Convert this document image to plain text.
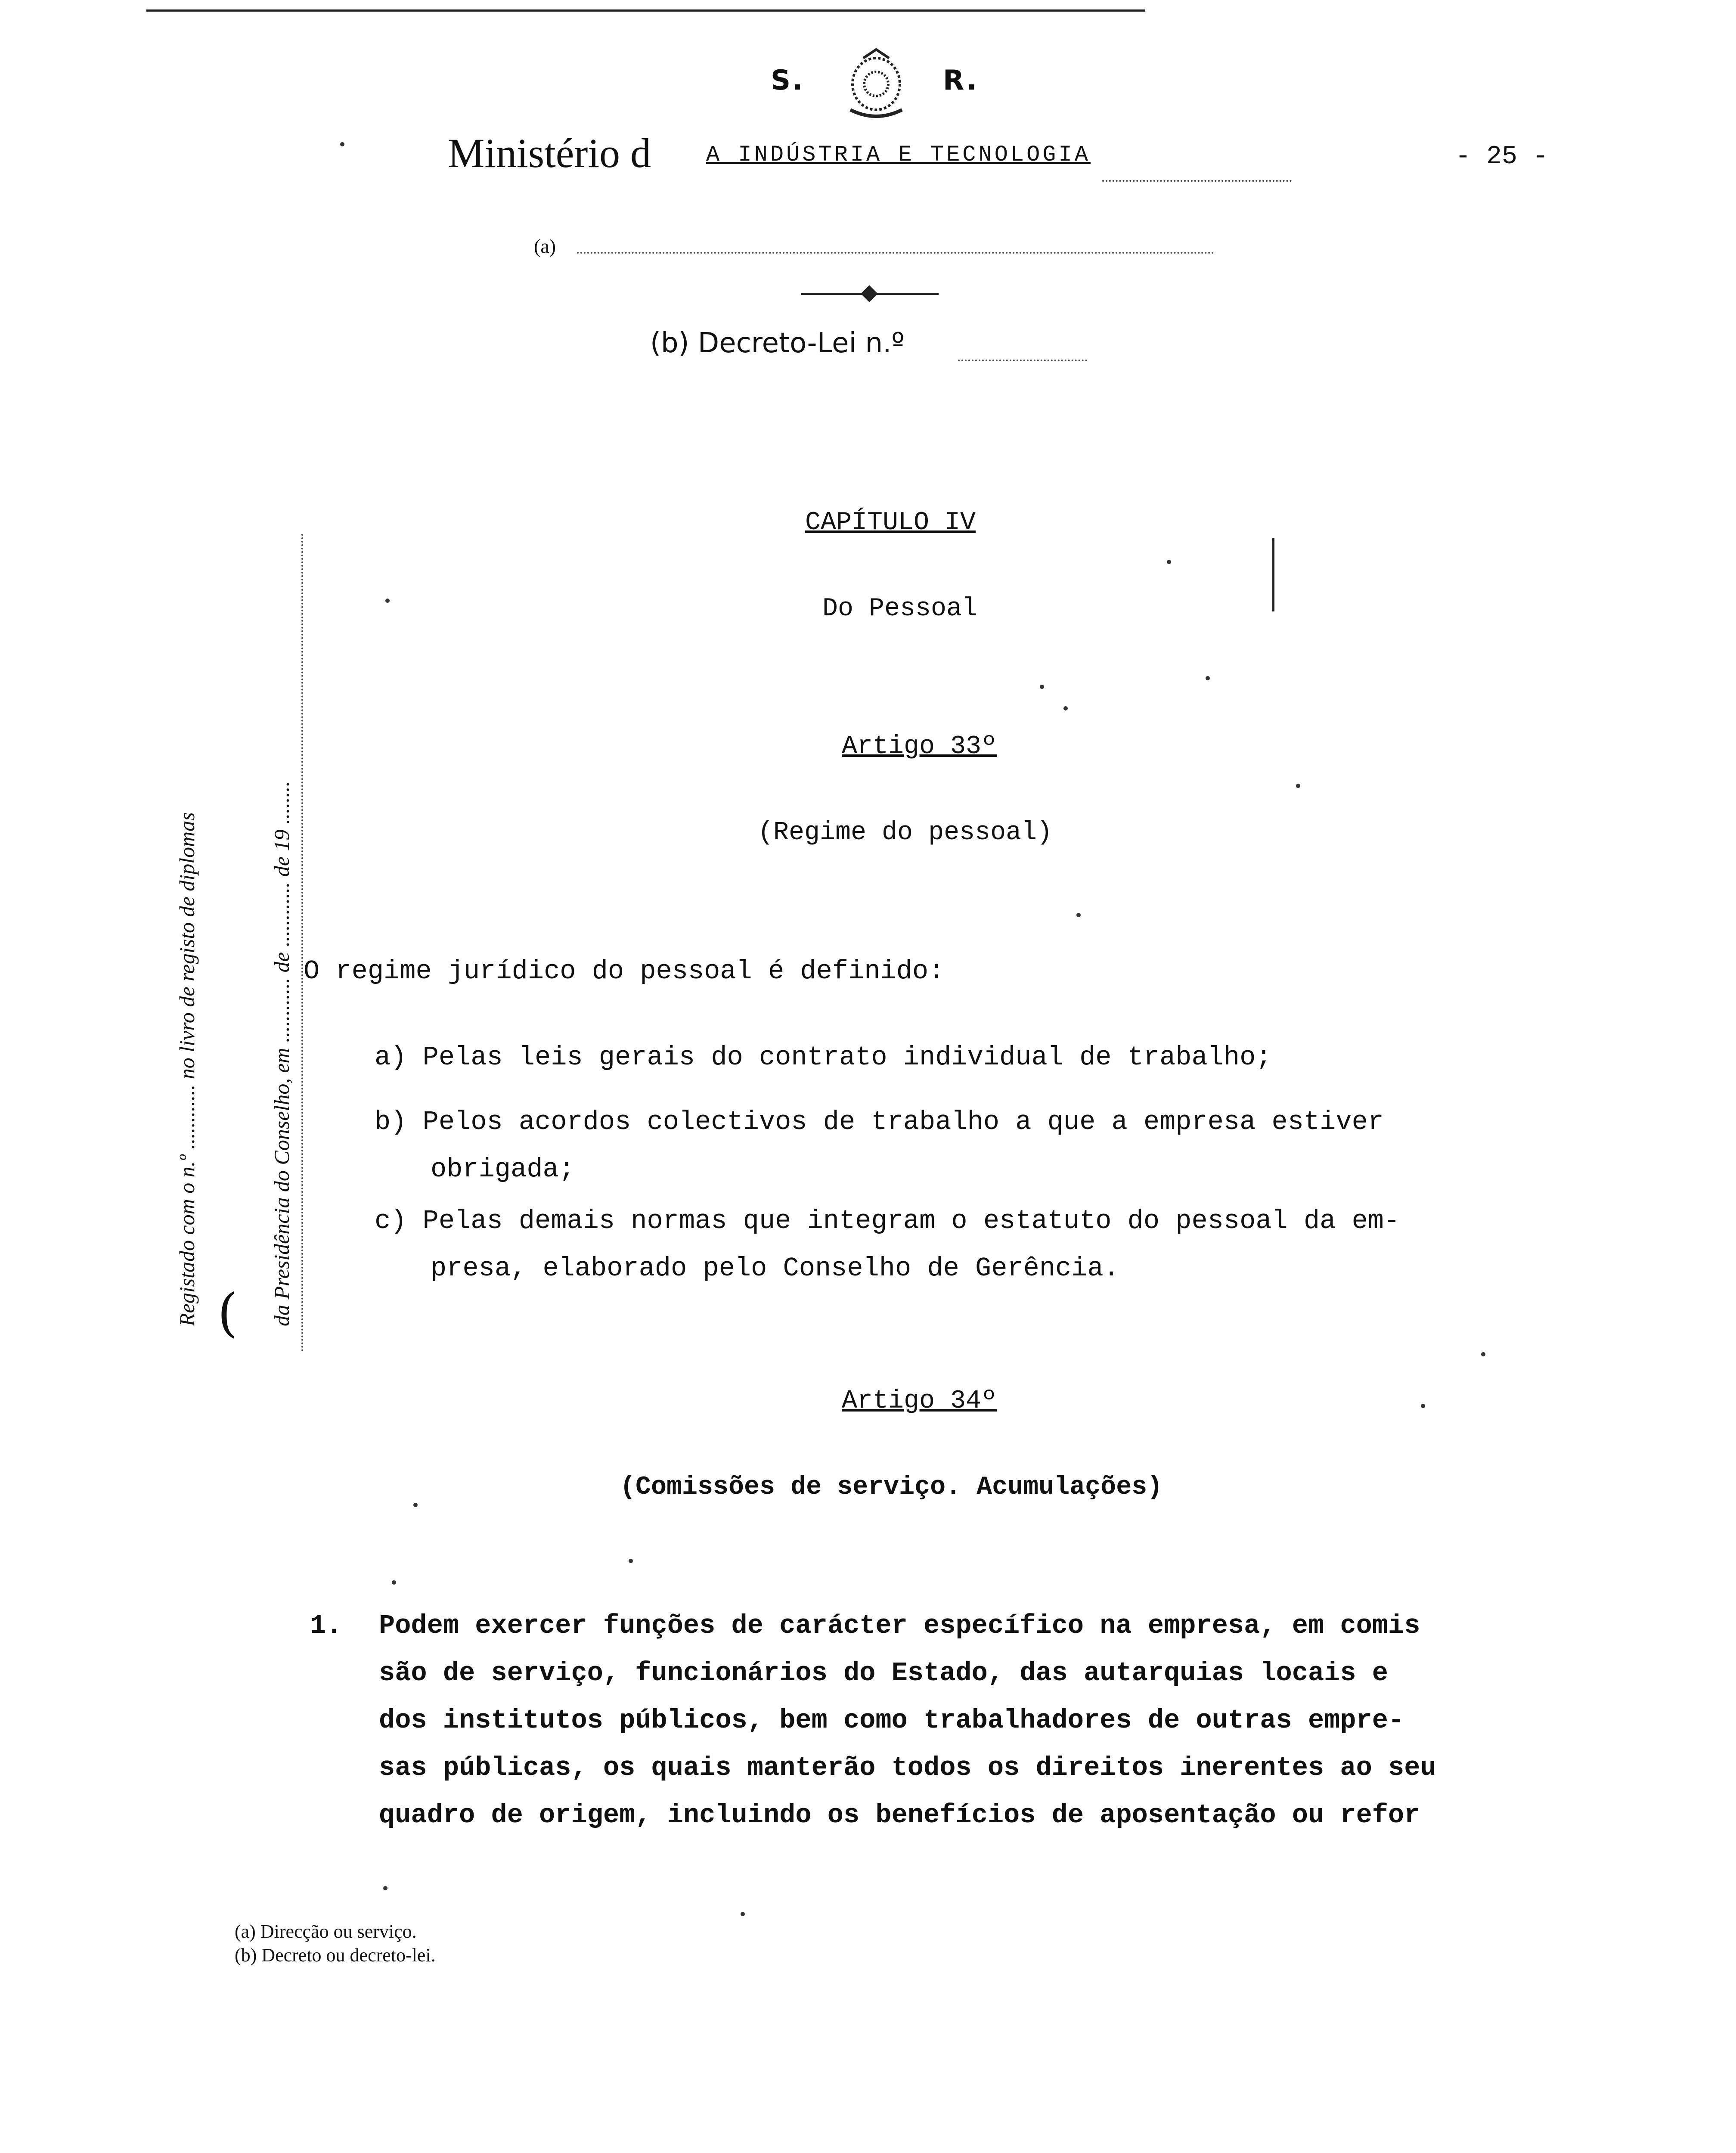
S.	R.
Ministério d A INDÚSTRIA E TECNOLOGIA	- 25 -
(a)
(b) Decreto-Lei n.º
Registado com o n.º ............ no livro de registo de diplomas	da Presidência do Conselho, em ............ de ............ de 19 ........
(
CAPÍTULO IV
Do Pessoal
Artigo 33º
(Regime do pessoal)
O regime jurídico do pessoal é definido:
a) Pelas leis gerais do contrato individual de trabalho;
b) Pelos acordos colectivos de trabalho a que a empresa estiver
obrigada;
c) Pelas demais normas que integram o estatuto do pessoal da em-
presa, elaborado pelo Conselho de Gerência.
Artigo 34º
(Comissões de serviço. Acumulações)
1. Podem exercer funções de carácter específico na empresa, em comis
são de serviço, funcionários do Estado, das autarquias locais e
dos institutos públicos, bem como trabalhadores de outras empre-
sas públicas, os quais manterão todos os direitos inerentes ao seu
quadro de origem, incluindo os benefícios de aposentação ou refor
(a) Direcção ou serviço.
(b) Decreto ou decreto-lei.
